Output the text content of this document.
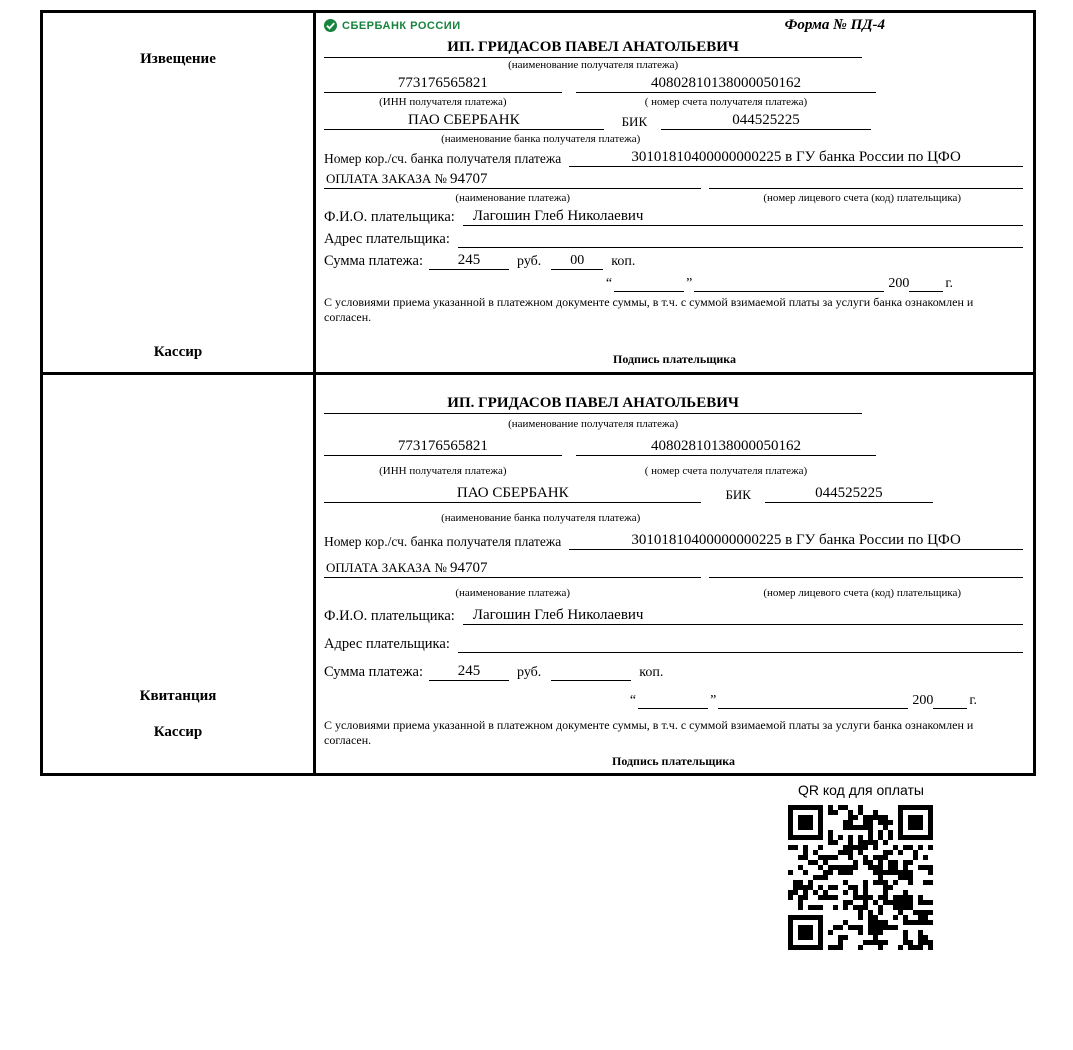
Извещение
Кассир
СБЕРБАНК РОССИИ	Форма № ПД-4
ИП. ГРИДАСОВ ПАВЕЛ АНАТОЛЬЕВИЧ
(наименование получателя платежа)
773176565821	40802810138000050162
(ИНН получателя платежа)	( номер счета получателя платежа)
ПАО СБЕРБАНК	БИК	044525225
(наименование банка получателя платежа)
Номер кор./сч. банка получателя платежа	30101810400000000225 в ГУ банка России по ЦФО
ОПЛАТА ЗАКАЗА № 94707
(наименование платежа)	(номер лицевого счета (код) плательщика)
Ф.И.О. плательщика:	Лагошин Глеб Николаевич
Адрес плательщика:
Сумма платежа:	245	руб.	00	коп.
“	”	200	г.
С условиями приема указанной в платежном документе суммы, в т.ч. с суммой взимаемой платы за услуги банка ознакомлен и согласен.
Подпись плательщика
Квитанция
Кассир
ИП. ГРИДАСОВ ПАВЕЛ АНАТОЛЬЕВИЧ
(наименование получателя платежа)
773176565821	40802810138000050162
(ИНН получателя платежа)	( номер счета получателя платежа)
ПАО СБЕРБАНК	БИК	044525225
(наименование банка получателя платежа)
Номер кор./сч. банка получателя платежа	30101810400000000225 в ГУ банка России по ЦФО
ОПЛАТА ЗАКАЗА № 94707
(наименование платежа)	(номер лицевого счета (код) плательщика)
Ф.И.О. плательщика:	Лагошин Глеб Николаевич
Адрес плательщика:
Сумма платежа:	245	руб.	коп.
“	”	200	г.
С условиями приема указанной в платежном документе суммы, в т.ч. с суммой взимаемой платы за услуги банка ознакомлен и согласен.
Подпись плательщика
QR код для оплаты
